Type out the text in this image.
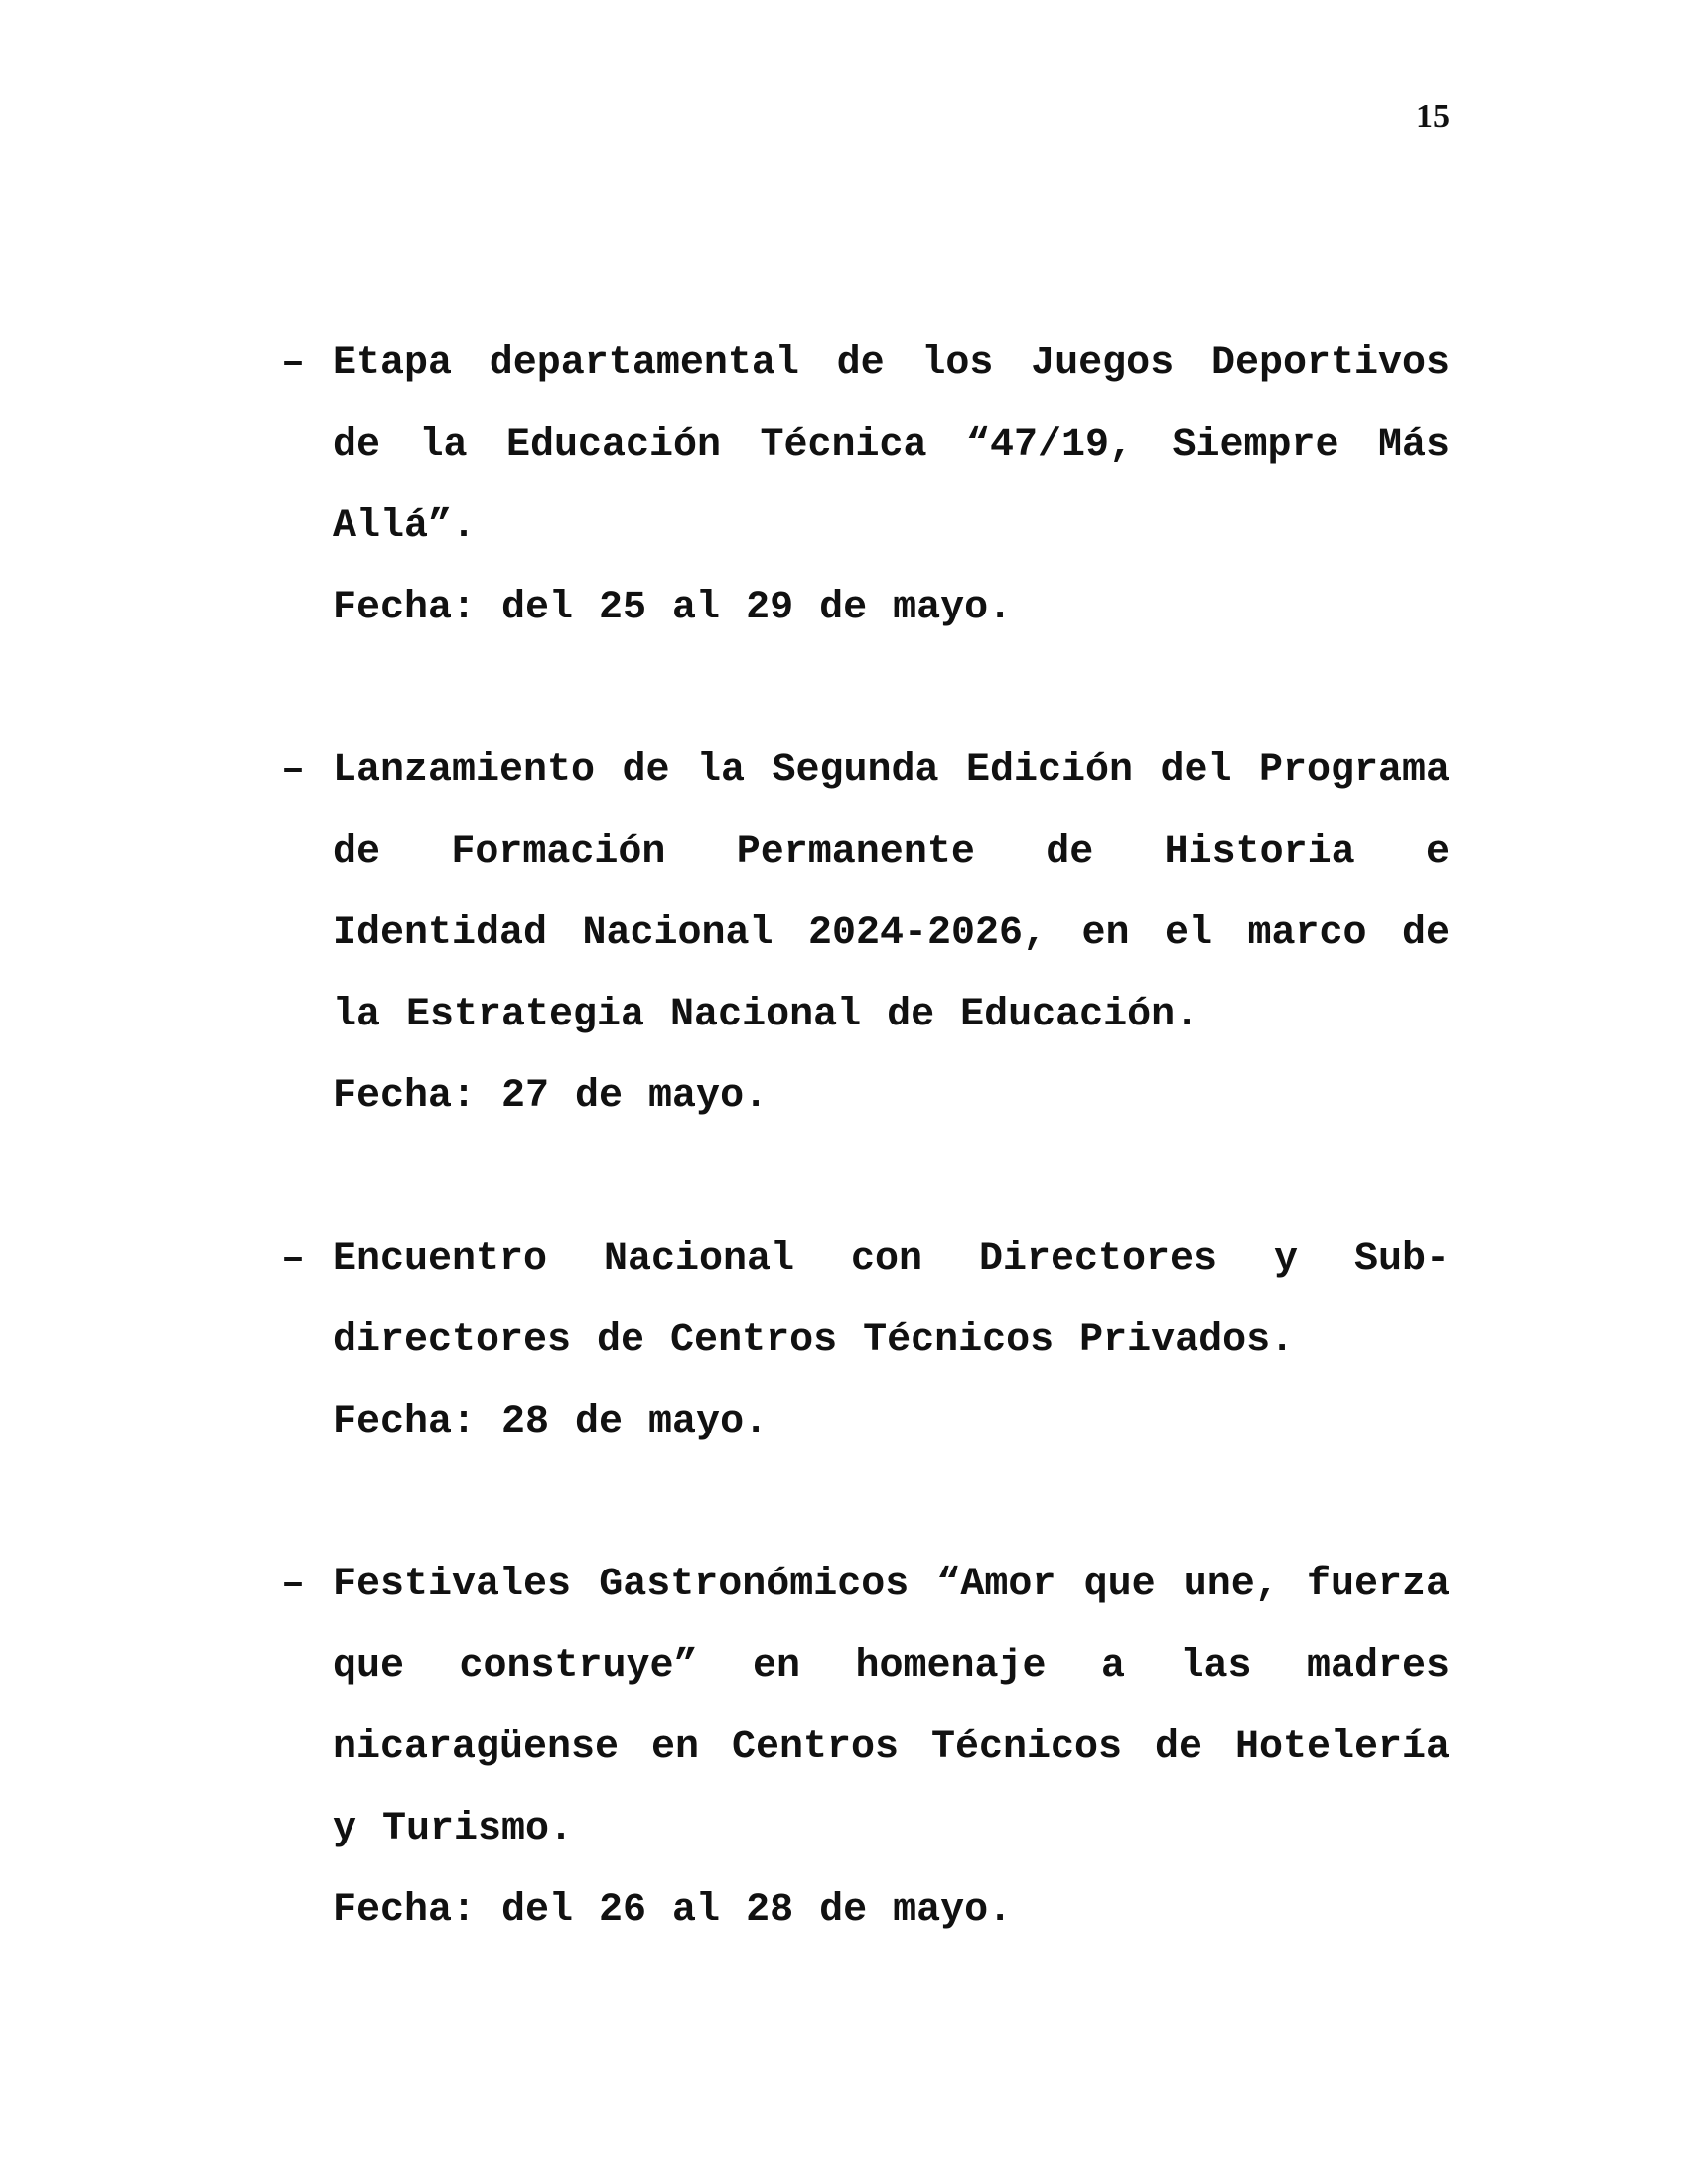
15
– Etapa departamental de los Juegos Deportivos de la Educación Técnica “47/19, Siempre Más Allá”.
Fecha: del 25 al 29 de mayo.
– Lanzamiento de la Segunda Edición del Programa de Formación Permanente de Historia e Identidad Nacional 2024-2026, en el marco de la Estrategia Nacional de Educación.
Fecha: 27 de mayo.
– Encuentro Nacional con Directores y Sub-directores de Centros Técnicos Privados.
Fecha: 28 de mayo.
– Festivales Gastronómicos “Amor que une, fuerza que construye” en homenaje a las madres nicaragüense en Centros Técnicos de Hotelería y Turismo.
Fecha: del 26 al 28 de mayo.
